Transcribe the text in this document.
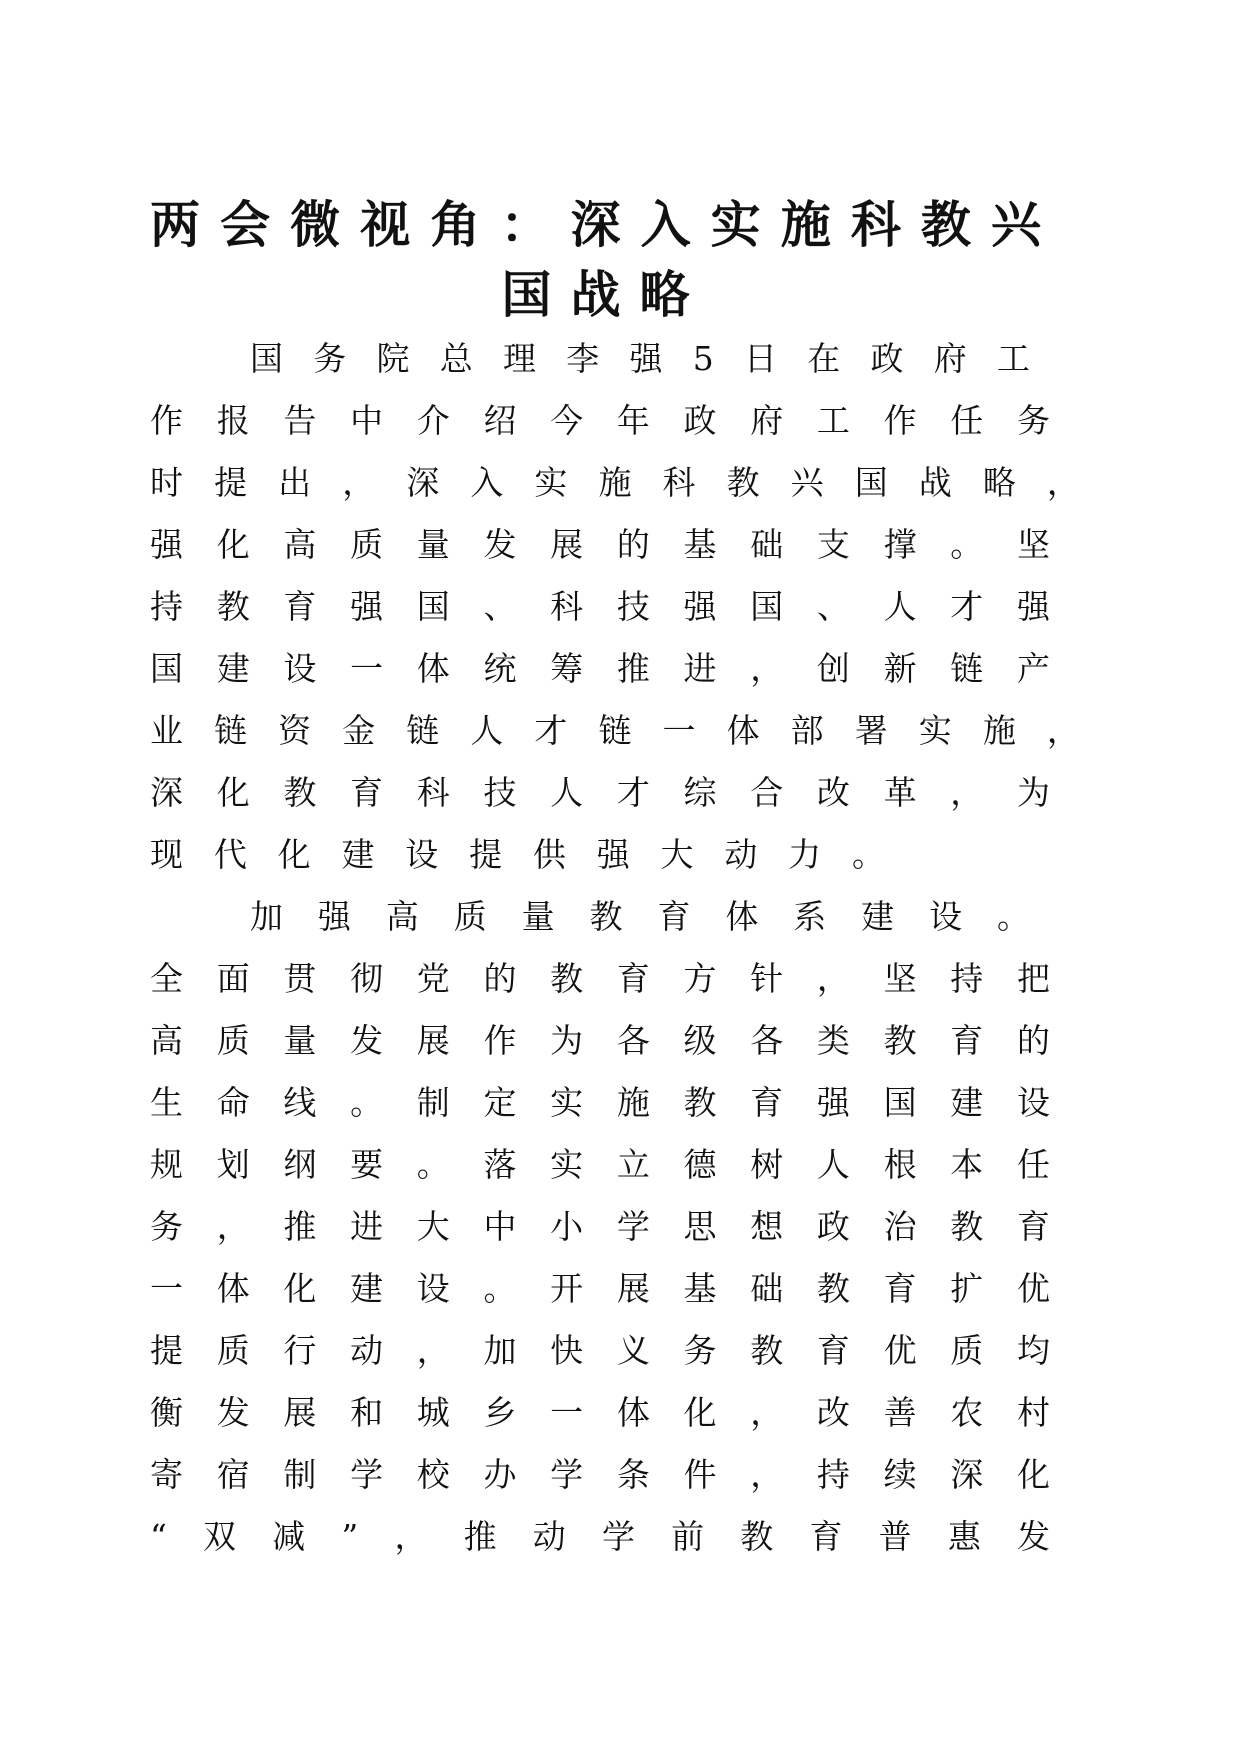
两会微视角：深入实施科教兴国战略
国 务 院 总 理 李 强 5 日 在 政 府 工
作 报 告 中 介 绍 今 年 政 府 工 作 任 务
时 提 出 ， 深 入 实 施 科 教 兴 国 战 略 ，
强 化 高 质 量 发 展 的 基 础 支 撑 。 坚
持 教 育 强 国 、 科 技 强 国 、 人 才 强
国 建 设 一 体 统 筹 推 进 ， 创 新 链 产
业 链 资 金 链 人 才 链 一 体 部 署 实 施 ，
深 化 教 育 科 技 人 才 综 合 改 革 ， 为
现 代 化 建 设 提 供 强 大 动 力 。
加 强 高 质 量 教 育 体 系 建 设 。
全 面 贯 彻 党 的 教 育 方 针 ， 坚 持 把
高 质 量 发 展 作 为 各 级 各 类 教 育 的
生 命 线 。 制 定 实 施 教 育 强 国 建 设
规 划 纲 要 。 落 实 立 德 树 人 根 本 任
务 ， 推 进 大 中 小 学 思 想 政 治 教 育
一 体 化 建 设 。 开 展 基 础 教 育 扩 优
提 质 行 动 ， 加 快 义 务 教 育 优 质 均
衡 发 展 和 城 乡 一 体 化 ， 改 善 农 村
寄 宿 制 学 校 办 学 条 件 ， 持 续 深 化
“ 双 减 ” ， 推 动 学 前 教 育 普 惠 发
